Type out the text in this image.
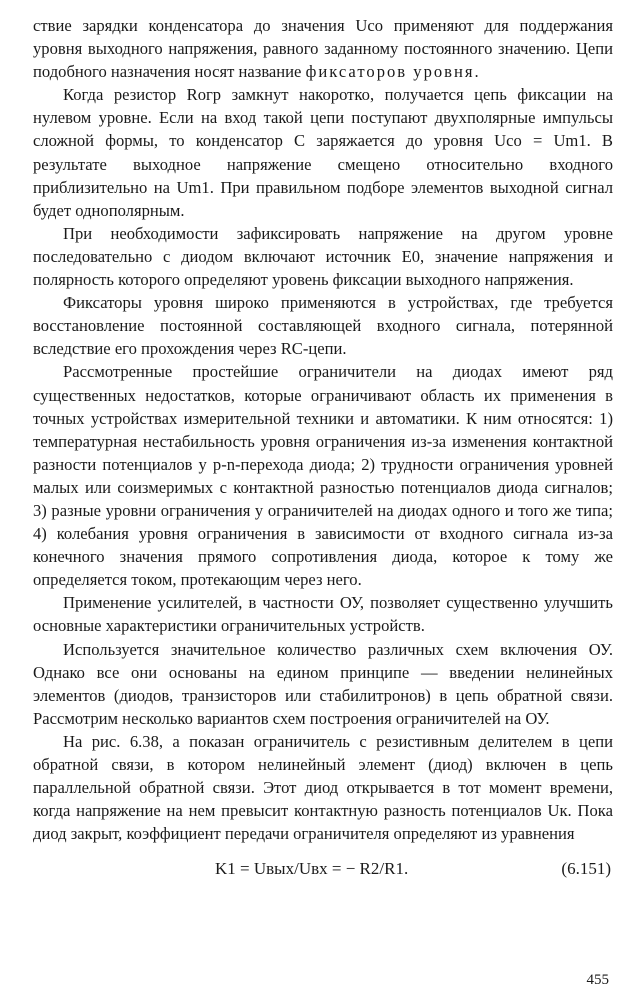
ствие зарядки конденсатора до значения Uсо применяют для поддержания уровня выходного напряжения, равного заданному постоянного значению. Цепи подобного назначения носят название фиксаторов уровня.

Когда резистор Rогр замкнут накоротко, получается цепь фиксации на нулевом уровне. Если на вход такой цепи поступают двухполярные импульсы сложной формы, то конденсатор C заряжается до уровня Uсо = Um1. В результате выходное напряжение смещено относительно входного приблизительно на Um1. При правильном подборе элементов выходной сигнал будет однополярным.

При необходимости зафиксировать напряжение на другом уровне последовательно с диодом включают источник E0, значение напряжения и полярность которого определяют уровень фиксации выходного напряжения.

Фиксаторы уровня широко применяются в устройствах, где требуется восстановление постоянной составляющей входного сигнала, потерянной вследствие его прохождения через RC-цепи.

Рассмотренные простейшие ограничители на диодах имеют ряд существенных недостатков, которые ограничивают область их применения в точных устройствах измерительной техники и автоматики. К ним относятся: 1) температурная нестабильность уровня ограничения из-за изменения контактной разности потенциалов у p-n-перехода диода; 2) трудности ограничения уровней малых или соизмеримых с контактной разностью потенциалов диода сигналов; 3) разные уровни ограничения у ограничителей на диодах одного и того же типа; 4) колебания уровня ограничения в зависимости от входного сигнала из-за конечного значения прямого сопротивления диода, которое к тому же определяется током, протекающим через него.

Применение усилителей, в частности ОУ, позволяет существенно улучшить основные характеристики ограничительных устройств.

Используется значительное количество различных схем включения ОУ. Однако все они основаны на едином принципе — введении нелинейных элементов (диодов, транзисторов или стабилитронов) в цепь обратной связи. Рассмотрим несколько вариантов схем построения ограничителей на ОУ.

На рис. 6.38, а показан ограничитель с резистивным делителем в цепи обратной связи, в котором нелинейный элемент (диод) включен в цепь параллельной обратной связи. Этот диод открывается в тот момент времени, когда напряжение на нем превысит контактную разность потенциалов Uк. Пока диод закрыт, коэффициент передачи ограничителя определяют из уравнения

K1 = Uвых/Uвх = − R2/R1.	(6.151)
455
